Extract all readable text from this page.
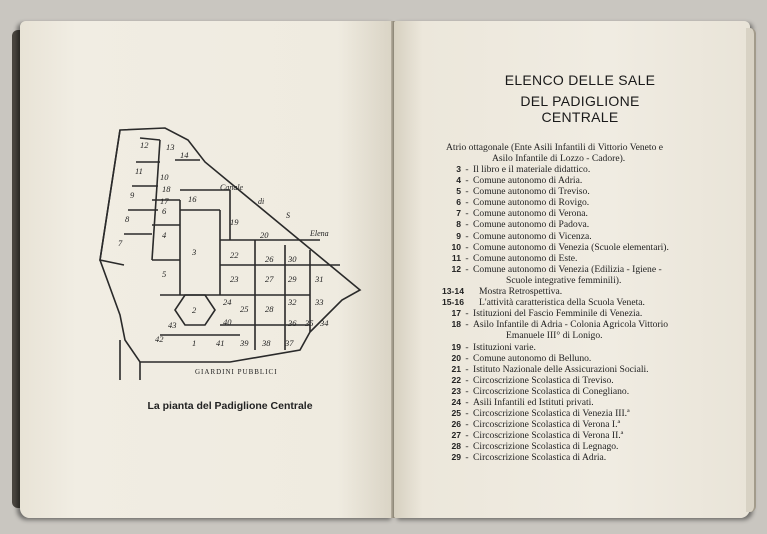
12
11
10
9
8
7
6
5
4
3
2
1
13
14
16
17
18
19
20
22
23
24
25
26
27
28
29
30
31
32 33
36 35 34
37
38
39
41
42
43	40
Canale
di
S
Elena
GIARDINI PUBBLICI
La pianta del Padiglione Centrale
ELENCO DELLE SALE
DEL PADIGLIONE CENTRALE
Atrio ottagonale (Ente Asili Infantili di Vittorio Veneto e
Asilo Infantile di Lozzo - Cadore).
3 - Il libro e il materiale didattico.
4 - Comune autonomo di Adria.
5 - Comune autonomo di Treviso.
6 - Comune autonomo di Rovigo.
7 - Comune autonomo di Verona.
8 - Comune autonomo di Padova.
9 - Comune autonomo di Vicenza.
10 - Comune autonomo di Venezia (Scuole elementari).
11 - Comune autonomo di Este.
12 - Comune autonomo di Venezia (Edilizia - Igiene -
Scuole integrative femminili).
13-14	Mostra Retrospettiva.
15-16	L'attività caratteristica della Scuola Veneta.
17 - Istituzioni del Fascio Femminile di Venezia.
18 - Asilo Infantile di Adria - Colonia Agricola Vittorio
Emanuele III° di Lonigo.
19 - Istituzioni varie.
20 - Comune autonomo di Belluno.
21 - Istituto Nazionale delle Assicurazioni Sociali.
22 - Circoscrizione Scolastica di Treviso.
23 - Circoscrizione Scolastica di Conegliano.
24 - Asili Infantili ed Istituti privati.
25 - Circoscrizione Scolastica di Venezia III.ª
26 - Circoscrizione Scolastica di Verona I.ª
27 - Circoscrizione Scolastica di Verona II.ª
28 - Circoscrizione Scolastica di Legnago.
29 - Circoscrizione Scolastica di Adria.
